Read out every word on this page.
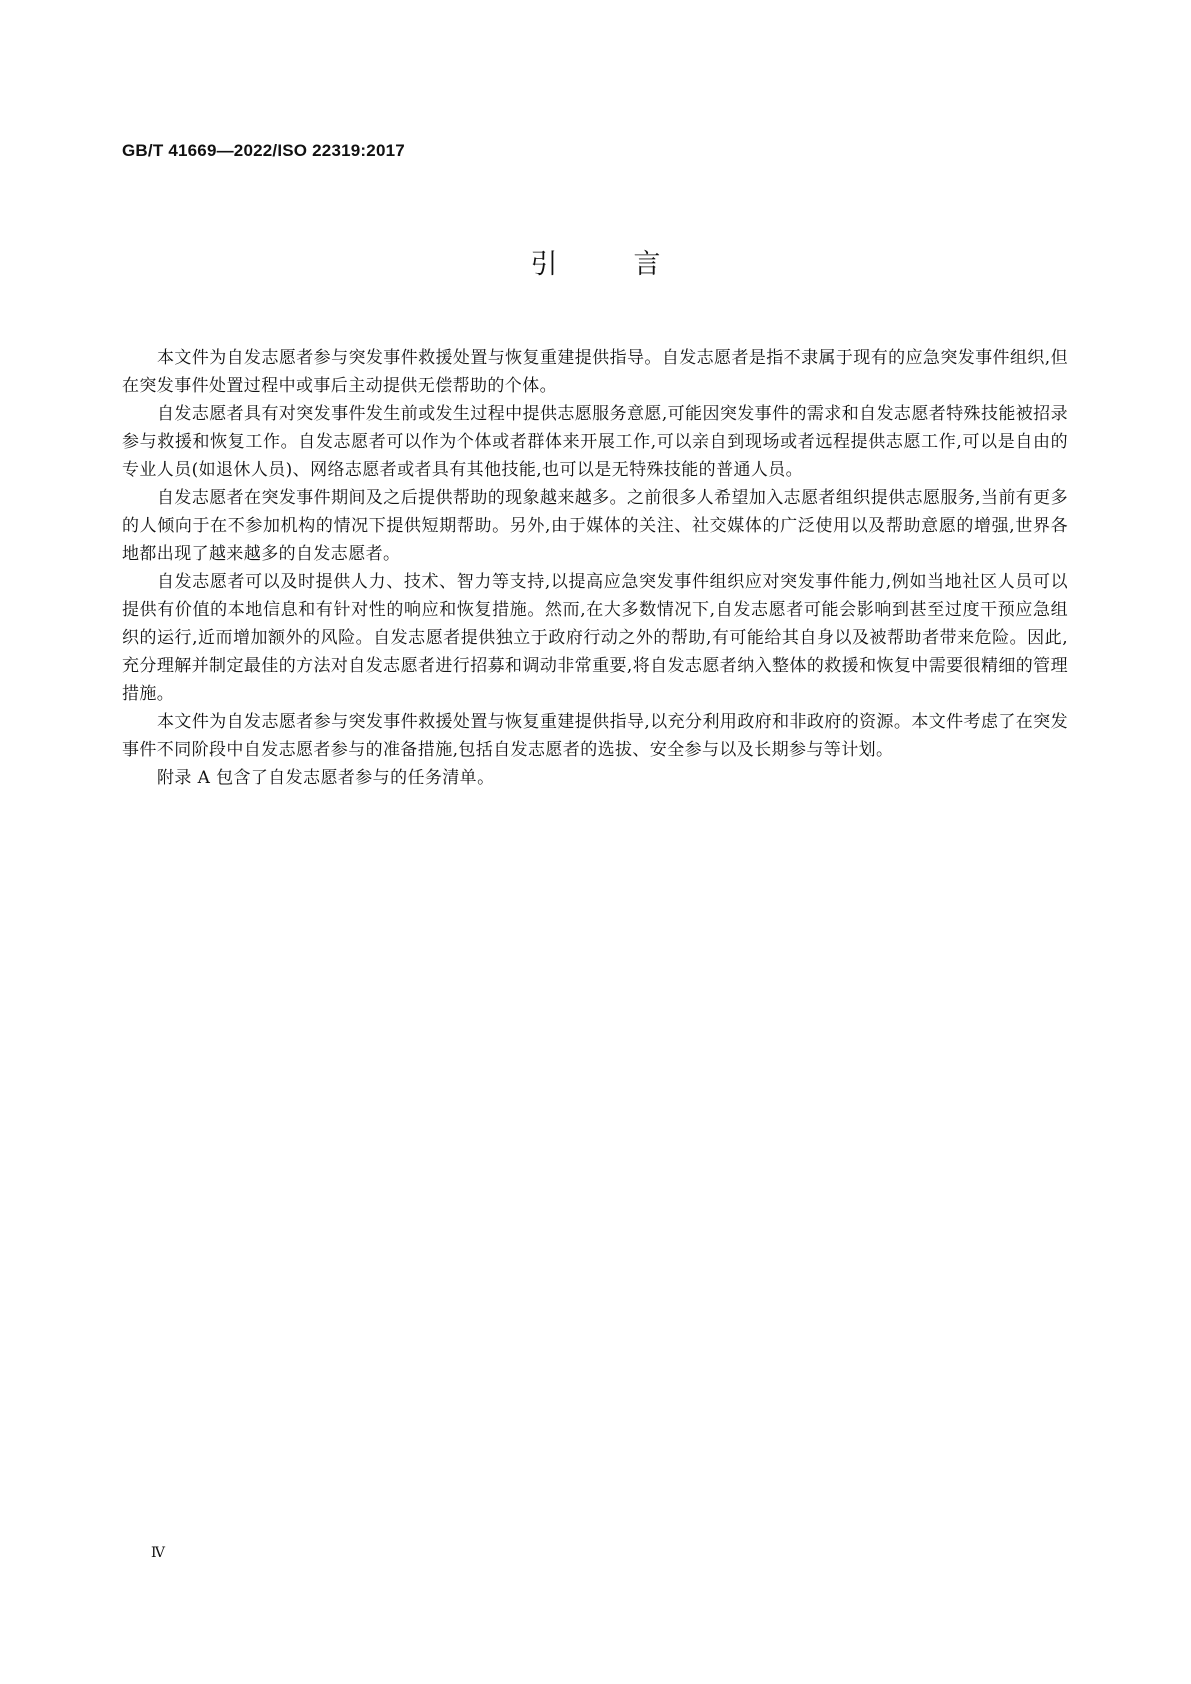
GB/T 41669—2022/ISO 22319:2017
引	言

本文件为自发志愿者参与突发事件救援处置与恢复重建提供指导。自发志愿者是指不隶属于现有的应急突发事件组织,但在突发事件处置过程中或事后主动提供无偿帮助的个体。

自发志愿者具有对突发事件发生前或发生过程中提供志愿服务意愿,可能因突发事件的需求和自发志愿者特殊技能被招录参与救援和恢复工作。自发志愿者可以作为个体或者群体来开展工作,可以亲自到现场或者远程提供志愿工作,可以是自由的专业人员(如退休人员)、网络志愿者或者具有其他技能,也可以是无特殊技能的普通人员。

自发志愿者在突发事件期间及之后提供帮助的现象越来越多。之前很多人希望加入志愿者组织提供志愿服务,当前有更多的人倾向于在不参加机构的情况下提供短期帮助。另外,由于媒体的关注、社交媒体的广泛使用以及帮助意愿的增强,世界各地都出现了越来越多的自发志愿者。

自发志愿者可以及时提供人力、技术、智力等支持,以提高应急突发事件组织应对突发事件能力,例如当地社区人员可以提供有价值的本地信息和有针对性的响应和恢复措施。然而,在大多数情况下,自发志愿者可能会影响到甚至过度干预应急组织的运行,近而增加额外的风险。自发志愿者提供独立于政府行动之外的帮助,有可能给其自身以及被帮助者带来危险。因此,充分理解并制定最佳的方法对自发志愿者进行招募和调动非常重要,将自发志愿者纳入整体的救援和恢复中需要很精细的管理措施。

本文件为自发志愿者参与突发事件救援处置与恢复重建提供指导,以充分利用政府和非政府的资源。本文件考虑了在突发事件不同阶段中自发志愿者参与的准备措施,包括自发志愿者的选拔、安全参与以及长期参与等计划。

附录 A 包含了自发志愿者参与的任务清单。

Ⅳ
